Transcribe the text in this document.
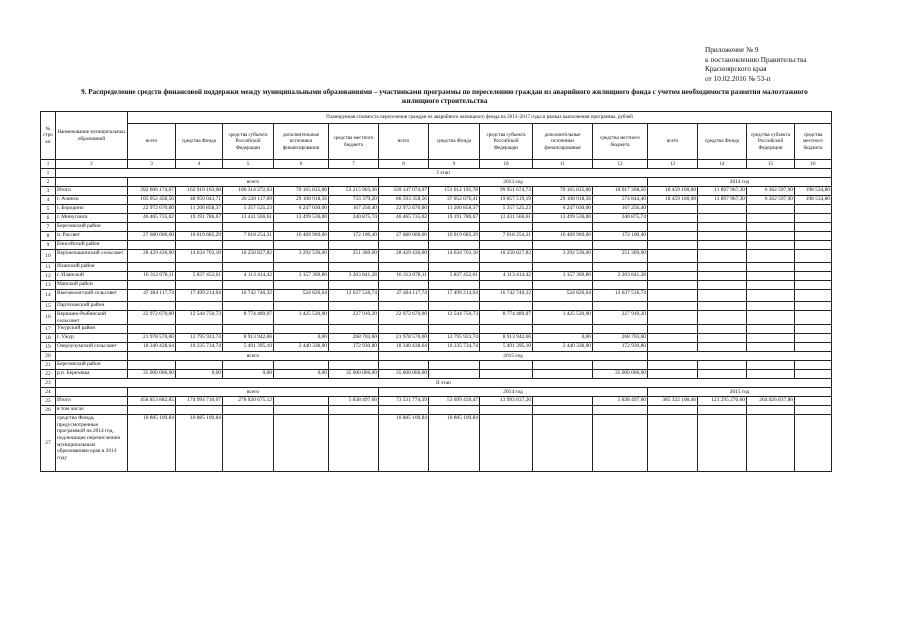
Приложение № 9
к постановлению Правительства
Красноярского края
от 10.02.2016 № 53-п
9. Распределение средств финансовой поддержки между муниципальными образованиями – участниками программы по переселению граждан из аварийного жилищного фонда с учетом необходимости развития малоэтажного
жилищного строительства
№ стро ки	Наименование муниципальных образований	Планируемая стоимость переселения граждан из аварийного жилищного фонда на 2013–2017 годы в рамках выполнения программы, рублей													
		всего	средства Фонда	средства субъекта Российской Федерации	дополнительные источники финансирования	средства местного бюджета	всего	средства Фонда	средства субъекта Российской Федерации	дополнительные источники финансирования	средства местного бюджета	всего	средства Фонда	средства субъекта Российской Федерации	средства местного бюджета
1	2	3	4	5	6	7	8	9	10	11	12	13	14	15	16
1	I этап														
2		всего					2013 год					2014 год			
3	Итого	392 606 174,07	162 910 163,08	106 314 272,63	70 165 835,00	53 215 903,36	339 147 074,07	151 012 195,78	99 951 674,73	70 165 835,00	18 017 368,56	18 459 100,00	11 897 967,30	6 362 597,90	198 534,80
4	г. Ачинск	105 052 458,56	48 950 043,71	26 220 117,09	29 108 918,56	733 379,20	86 593 358,56	37 052 076,41	19 857 519,19	29 108 918,56	574 844,40	18 459 100,00	11 897 967,30	6 362 597,90	198 534,80
5	г. Бородино	22 972 670,00	11 200 858,37	5 357 525,23	6 247 030,00	167 256,40	22 972 670,00	11 200 858,37	5 357 525,23	6 247 030,00	167 256,40				
6	г. Минусинск	46 465 735,02	19 191 786,67	13 431 566,61	13 499 536,00	340 875,74	46 465 735,02	19 191 786,67	13 431 566,61	13 499 536,00	340 875,74				
7	Березовский район														
8	п. Рассвет	27 680 000,00	10 019 685,29	7 018 254,31	10 469 960,00	172 100,40	27 680 000,00	10 019 685,29	7 018 254,31	10 469 960,00	172 100,40				
9	Енисейский район														
10	Верхнепашинский сельсовет	28 429 436,00	14 634 703,18	10 250 827,82	3 292 536,00	251 369,00	28 429 436,00	14 634 703,18	10 250 827,82	3 292 536,00	251 369,00				
11	Иланский район														
12	г. Иланский	16 312 078,11	5 837 452,61	4 113 414,42	3 157 369,80	3 203 841,28	16 312 078,11	5 837 452,61	4 113 414,42	3 157 369,80	3 203 841,28				
13	Манский район														
14	Выезжелогский сельсовет	47 404 117,74	17 499 214,04	16 742 740,32	524 626,64	12 637 536,74	47 404 117,74	17 499 214,04	16 742 740,32	524 626,64	12 637 536,74				
15	Партизанский район														
16	Вершино-Рыбинский сельсовет	22 972 670,00	12 544 750,73	8 774 489,07	1 425 520,00	227 910,20	22 972 670,00	12 544 750,73	8 774 489,07	1 425 520,00	227 910,20				
17	Ужурский район														
18	г. Ужур	21 978 570,00	12 795 923,74	8 913 942,66	0,00	268 703,60	21 978 570,00	12 795 923,74	8 913 942,66	0,00	268 703,60				
19	Озероучумский сельсовет	18 340 438,64	10 235 734,74	5 491 395,10	2 440 338,00	172 930,80	18 340 438,64	10 235 734,74	5 491 395,10	2 440 338,00	172 930,80				
20		всего					2015 год								
21	Березовский район														
22	р.п. Березовка	35 000 000,00	0,00	0,00	0,00	35 000 000,00	35 000 000,00				35 000 000,00				
23	II этап														
24		всего					2014 год					2015 год			
25	Итого	458 853 882,85	174 994 710,07	278 020 675,12		5 838 497,66	73 531 774,39	53 699 439,47	13 993 837,26		5 838 497,66	385 322 108,46	121 295 270,60	264 026 837,86	
26	в том числе														
27	средства Фонда, предусмотренные программой на 2014 год, подлежащие перечислению муниципальным образованиям края в 2014 году	10 885 109,84	10 885 109,84				10 885 109,84	10 885 109,84							
